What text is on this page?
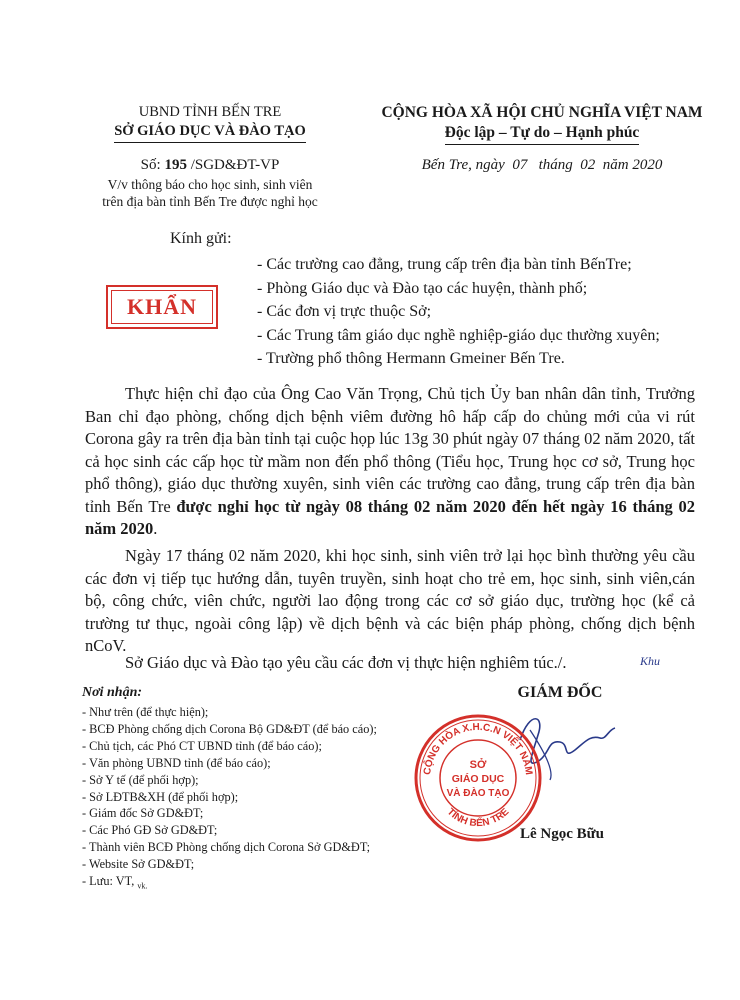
UBND TỈNH BẾN TRE
SỞ GIÁO DỤC VÀ ĐÀO TẠO
CỘNG HÒA XÃ HỘI CHỦ NGHĨA VIỆT NAM
Độc lập – Tự do – Hạnh phúc
Số: 195 /SGD&ĐT-VP
V/v thông báo cho học sinh, sinh viên
trên địa bàn tỉnh Bến Tre được nghỉ học
Bến Tre, ngày 07 tháng 02 năm 2020
Kính gửi:
- Các trường cao đẳng, trung cấp trên địa bàn tỉnh BếnTre;
- Phòng Giáo dục và Đào tạo các huyện, thành phố;
- Các đơn vị trực thuộc Sở;
- Các Trung tâm giáo dục nghề nghiệp-giáo dục thường xuyên;
- Trường phổ thông Hermann Gmeiner Bến Tre.
KHẨN
Thực hiện chỉ đạo của Ông Cao Văn Trọng, Chủ tịch Ủy ban nhân dân tỉnh, Trưởng Ban chỉ đạo phòng, chống dịch bệnh viêm đường hô hấp cấp do chủng mới của vi rút Corona gây ra trên địa bàn tỉnh tại cuộc họp lúc 13g 30 phút ngày 07 tháng 02 năm 2020, tất cả học sinh các cấp học từ mầm non đến phổ thông (Tiểu học, Trung học cơ sở, Trung học phổ thông), giáo dục thường xuyên, sinh viên các trường cao đẳng, trung cấp trên địa bàn tỉnh Bến Tre được nghỉ học từ ngày 08 tháng 02 năm 2020 đến hết ngày 16 tháng 02 năm 2020.
Ngày 17 tháng 02 năm 2020, khi học sinh, sinh viên trở lại học bình thường yêu cầu các đơn vị tiếp tục hướng dẫn, tuyên truyền, sinh hoạt cho trẻ em, học sinh, sinh viên,cán bộ, công chức, viên chức, người lao động trong các cơ sở giáo dục, trường học (kể cả trường tư thục, ngoài công lập) về dịch bệnh và các biện pháp phòng, chống dịch bệnh nCoV.
Sở Giáo dục và Đào tạo yêu cầu các đơn vị thực hiện nghiêm túc./.	Khu
Nơi nhận:
- Như trên (để thực hiện);
- BCĐ Phòng chống dịch Corona Bộ GD&ĐT (để báo cáo);
- Chủ tịch, các Phó CT UBND tỉnh (để báo cáo);
- Văn phòng UBND tỉnh (để báo cáo);
- Sở Y tế (để phối hợp);
- Sở LĐTB&XH (để phối hợp);
- Giám đốc Sở GD&ĐT;
- Các Phó GĐ Sở GD&ĐT;
- Thành viên BCĐ Phòng chống dịch Corona Sở GD&ĐT;
- Website Sở GD&ĐT;
- Lưu: VT, $_{vk.}$
GIÁM ĐỐC
CỘNG HÒA X.H.C.N VIỆT NAM
TỈNH BẾN TRE
SỞ
GIÁO DỤC
VÀ ĐÀO TẠO
Lê Ngọc Bữu
